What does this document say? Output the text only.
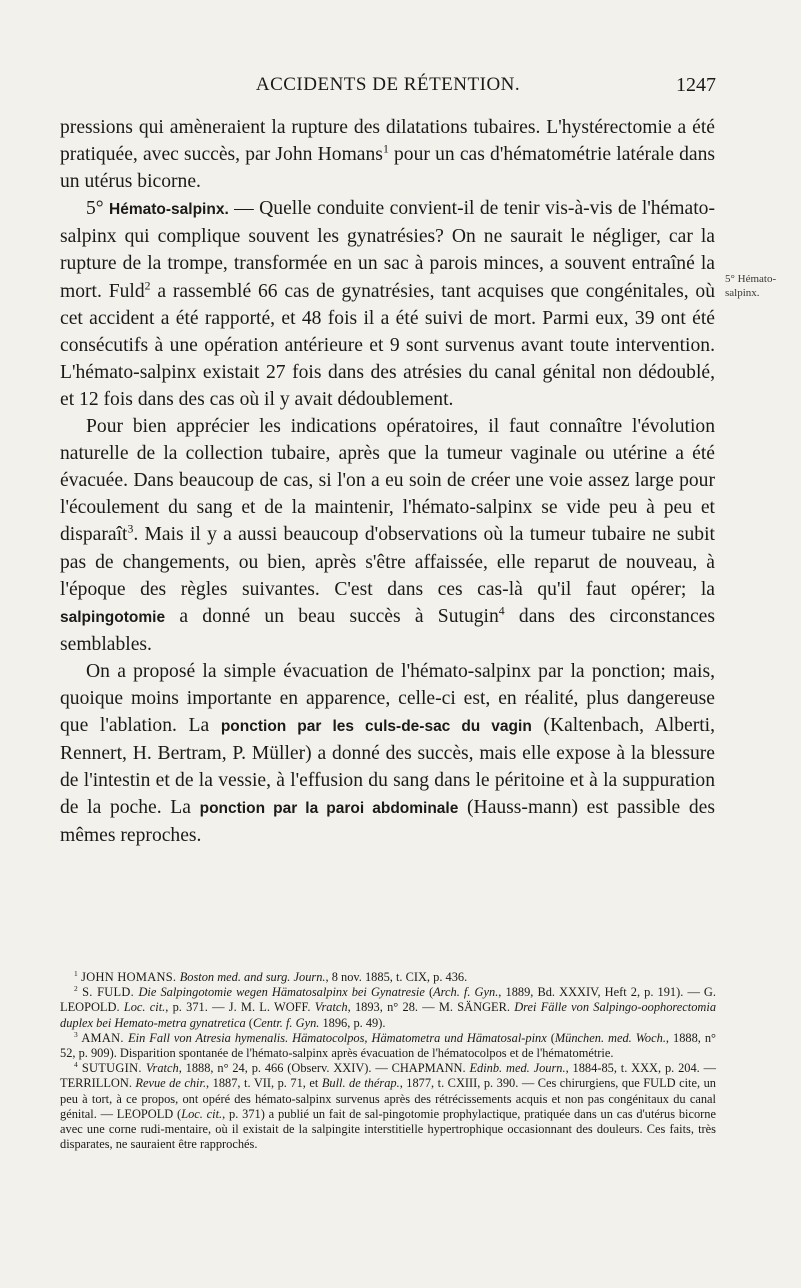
ACCIDENTS DE RÉTENTION.	1247
5° Hémato-salpinx.

pressions qui amèneraient la rupture des dilatations tubaires. L'hystérectomie a été pratiquée, avec succès, par John Homans$^1$ pour un cas d'hématométrie latérale dans un utérus bicorne.

5° Hémato-salpinx. — Quelle conduite convient-il de tenir vis-à-vis de l'hémato-salpinx qui complique souvent les gynatrésies? On ne saurait le négliger, car la rupture de la trompe, transformée en un sac à parois minces, a souvent entraîné la mort. Fuld$^2$ a rassemblé 66 cas de gynatrésies, tant acquises que congénitales, où cet accident a été rapporté, et 48 fois il a été suivi de mort. Parmi eux, 39 ont été consécutifs à une opération antérieure et 9 sont survenus avant toute intervention. L'hémato-salpinx existait 27 fois dans des atrésies du canal génital non dédoublé, et 12 fois dans des cas où il y avait dédoublement.

Pour bien apprécier les indications opératoires, il faut connaître l'évolution naturelle de la collection tubaire, après que la tumeur vaginale ou utérine a été évacuée. Dans beaucoup de cas, si l'on a eu soin de créer une voie assez large pour l'écoulement du sang et de la maintenir, l'hémato-salpinx se vide peu à peu et disparaît$^3$. Mais il y a aussi beaucoup d'observations où la tumeur tubaire ne subit pas de changements, ou bien, après s'être affaissée, elle reparut de nouveau, à l'époque des règles suivantes. C'est dans ces cas-là qu'il faut opérer; la salpingotomie a donné un beau succès à Sutugin$^4$ dans des circonstances semblables.

On a proposé la simple évacuation de l'hémato-salpinx par la ponction; mais, quoique moins importante en apparence, celle-ci est, en réalité, plus dangereuse que l'ablation. La ponction par les culs-de-sac du vagin (Kaltenbach, Alberti, Rennert, H. Bertram, P. Müller) a donné des succès, mais elle expose à la blessure de l'intestin et de la vessie, à l'effusion du sang dans le péritoine et à la suppuration de la poche. La ponction par la paroi abdominale (Hauss-mann) est passible des mêmes reproches.

$^1$ JOHN HOMANS. Boston med. and surg. Journ., 8 nov. 1885, t. CIX, p. 436.

$^2$ S. FULD. Die Salpingotomie wegen Hämatosalpinx bei Gynatresie (Arch. f. Gyn., 1889, Bd. XXXIV, Heft 2, p. 191). — G. LEOPOLD. Loc. cit., p. 371. — J. M. L. WOFF. Vratch, 1893, n° 28. — M. SÄNGER. Drei Fälle von Salpingo-oophorectomia duplex bei Hemato-metra gynatretica (Centr. f. Gyn. 1896, p. 49).

$^3$ AMAN. Ein Fall von Atresia hymenalis. Hämatocolpos, Hämatometra und Hämatosal-pinx (München. med. Woch., 1888, n° 52, p. 909). Disparition spontanée de l'hémato-salpinx après évacuation de l'hématocolpos et de l'hématométrie.

$^4$ SUTUGIN. Vratch, 1888, n° 24, p. 466 (Observ. XXIV). — CHAPMANN. Edinb. med. Journ., 1884-85, t. XXX, p. 204. — TERRILLON. Revue de chir., 1887, t. VII, p. 71, et Bull. de thérap., 1877, t. CXIII, p. 390. — Ces chirurgiens, que FULD cite, un peu à tort, à ce propos, ont opéré des hémato-salpinx survenus après des rétrécissements acquis et non pas congénitaux du canal génital. — LEOPOLD (Loc. cit., p. 371) a publié un fait de sal-pingotomie prophylactique, pratiquée dans un cas d'utérus bicorne avec une corne rudi-mentaire, où il existait de la salpingite interstitielle hypertrophique occasionnant des douleurs. Ces faits, très disparates, ne sauraient être rapprochés.
